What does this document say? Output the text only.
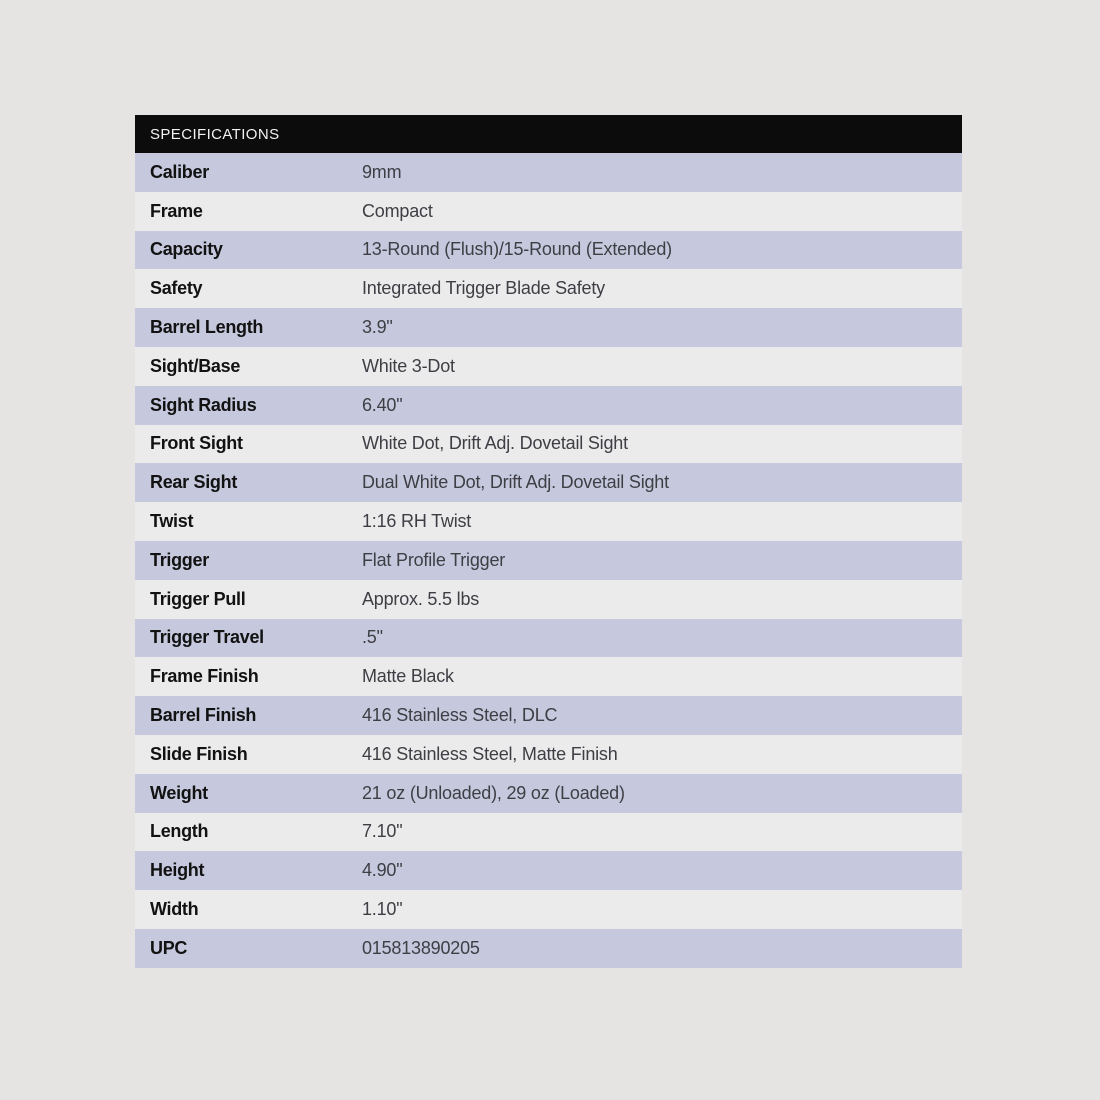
SPECIFICATIONS
Caliber	9mm
Frame	Compact
Capacity	13-Round (Flush)/15-Round (Extended)
Safety	Integrated Trigger Blade Safety
Barrel Length	3.9"
Sight/Base	White 3-Dot
Sight Radius	6.40"
Front Sight	White Dot, Drift Adj. Dovetail Sight
Rear Sight	Dual White Dot, Drift Adj. Dovetail Sight
Twist	1:16 RH Twist
Trigger	Flat Profile Trigger
Trigger Pull	Approx. 5.5 lbs
Trigger Travel	.5"
Frame Finish	Matte Black
Barrel Finish	416 Stainless Steel, DLC
Slide Finish	416 Stainless Steel, Matte Finish
Weight	21 oz (Unloaded), 29 oz (Loaded)
Length	7.10"
Height	4.90"
Width	1.10"
UPC	015813890205
